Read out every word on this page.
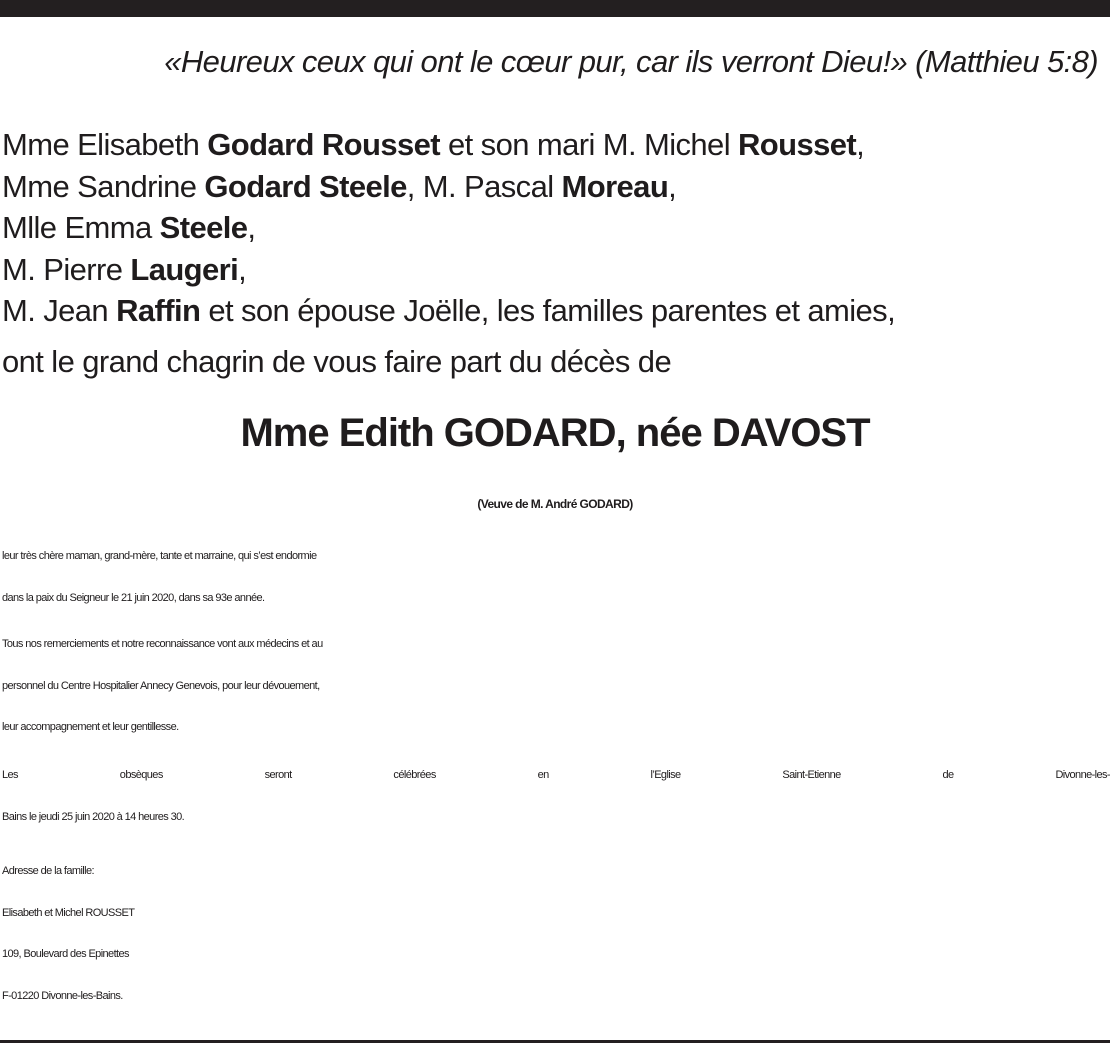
«Heureux ceux qui ont le cœur pur, car ils verront Dieu!» (Matthieu 5:8)
Mme Elisabeth Godard Rousset et son mari M. Michel Rousset,
Mme Sandrine Godard Steele, M. Pascal Moreau,
Mlle Emma Steele,
M. Pierre Laugeri,
M. Jean Raffin et son épouse Joëlle, les familles parentes et amies,
ont le grand chagrin de vous faire part du décès de
Mme Edith GODARD, née DAVOST
(Veuve de M. André GODARD)
leur très chère maman, grand-mère, tante et marraine, qui s’est endormie
dans la paix du Seigneur le 21 juin 2020, dans sa 93e année.
Tous nos remerciements et notre reconnaissance vont aux médecins et au
personnel du Centre Hospitalier Annecy Genevois, pour leur dévouement,
leur accompagnement et leur gentillesse.
Les obsèques seront célébrées en l’Eglise Saint-Etienne de Divonne-les-
Bains le jeudi 25 juin 2020 à 14 heures 30.
Adresse de la famille:
Elisabeth et Michel ROUSSET
109, Boulevard des Epinettes
F-01220 Divonne-les-Bains.
